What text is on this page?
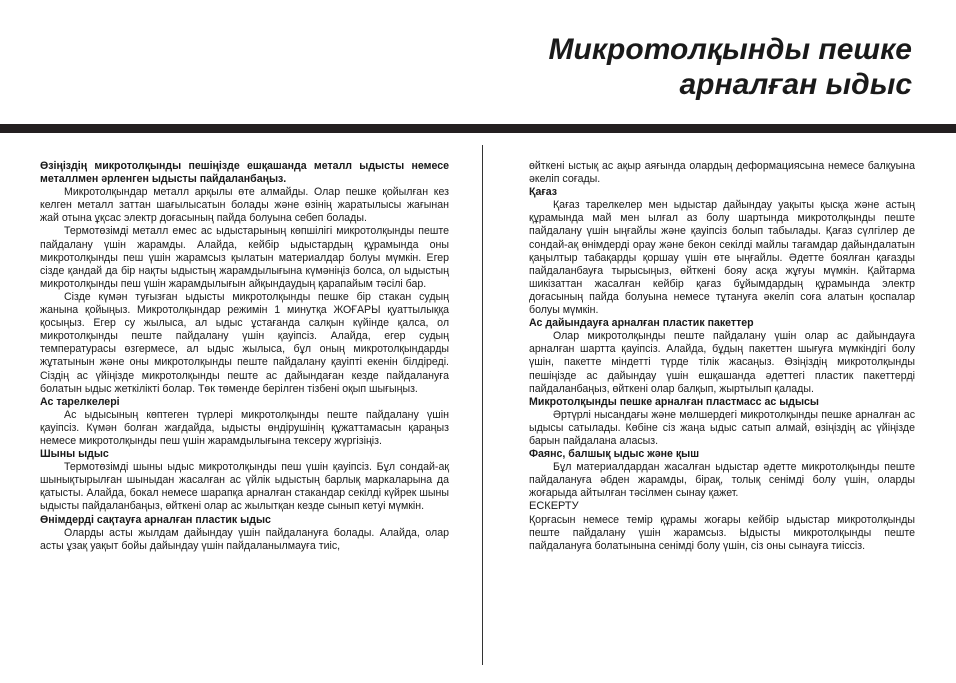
Микротолқынды пешке
арналған ыдыс

Өзіңіздің микротолқынды пешіңізде ешқашанда металл ыдысты немесе металлмен әрленген ыдысты пайдаланбаңыз.

Микротолқындар металл арқылы өте алмайды. Олар пешке қойылған кез келген металл заттан шағылысатын болады және өзінің жаратылысы жағынан жай отына ұқсас электр доғасының пайда болуына себеп болады.

Термотөзімді металл емес ас ыдыстарының көпшілігі микротолқынды пеште пайдалану үшін жарамды. Алайда, кейбір ыдыстардың құрамында оны микротолқынды пеш үшін жарамсыз қылатын материалдар болуы мүмкін. Егер сізде қандай да бір нақты ыдыстың жарамдылығына күмәніңіз болса, ол ыдыстың микротолқынды пеш үшін жарамдылығын айқындаудың қарапайым тәсілі бар.

Сізде күмән туғызған ыдысты микротолқынды пешке бір стакан судың жанына қойыңыз. Микротолқындар режимін 1 минутқа ЖОҒАРЫ қуаттылыққа қосыңыз. Егер су жылыса, ал ыдыс ұстағанда салқын күйінде қалса, ол микротолқынды пеште пайдалану үшін қауіпсіз. Алайда, егер судың температурасы өзгермесе, ал ыдыс жылыса, бұл оның микротолқындарды жұтатынын және оны микротолқынды пеште пайдалану қауіпті екенін білдіреді. Сіздің ас үйіңізде микротолқынды пеште ас дайындаған кезде пайдалануға болатын ыдыс жеткілікті болар. Төк төменде берілген тізбені оқып шығыңыз.

Ас тарелкелері

Ас ыдысының көптеген түрлері микротолқынды пеште пайдалану үшін қауіпсіз. Күмән болған жағдайда, ыдысты өндірушінің құжаттамасын қараңыз немесе микротолқынды пеш үшін жарамдылығына тексеру жүргізіңіз.

Шыны ыдыс

Термотөзімді шыны ыдыс микротолқынды пеш үшін қауіпсіз. Бұл сондай-ақ шынықтырылған шыныдан жасалған ас үйлік ыдыстың барлық маркаларына да қатысты. Алайда, бокал немесе шарапқа арналған стакандар секілді күйрек шыны ыдысты пайдаланбаңыз, өйткені олар ас жылытқан кезде сынып кетуі мүмкін.

Өнімдерді сақтауға арналған пластик ыдыс

Оларды асты жылдам дайындау үшін пайдалануға болады. Алайда, олар асты ұзақ уақыт бойы дайындау үшін пайдаланылмауға тиіс,

өйткені ыстық ас ақыр аяғында олардың деформациясына немесе балқуына әкеліп соғады.

Қағаз

Қағаз тарелкелер мен ыдыстар дайындау уақыты қысқа және астың құрамында май мен ылғал аз болу шартында микротолқынды пеште пайдалану үшін ыңғайлы және қауіпсіз болып табылады. Қағаз сүлгілер де сондай-ақ өнімдерді орау және бекон секілді майлы тағамдар дайындалатын қаңылтыр табақарды қоршау үшін өте ыңғайлы. Әдетте боялған қағазды пайдаланбауға тырысыңыз, өйткені бояу асқа жұғуы мүмкін. Қайтарма шикізаттан жасалған кейбір қағаз бұйымдардың құрамында электр доғасының пайда болуына немесе тұтануға әкеліп соға алатын қоспалар болуы мүмкін.

Ас дайындауға арналған пластик пакеттер

Олар микротолқынды пеште пайдалану үшін олар ас дайындауға арналған шартта қауіпсіз. Алайда, бұдың пакеттен шығуға мүмкіндігі болу үшін, пакетте міндетті түрде тілік жасаңыз. Өзіңіздің микротолқынды пешіңізде ас дайындау үшін ешқашанда әдеттегі пластик пакеттерді пайдаланбаңыз, өйткені олар балқып, жыртылып қалады.

Микротолқынды пешке арналған пластмасс ас ыдысы

Әртүрлі нысандағы және мөлшердегі микротолқынды пешке арналған ас ыдысы сатылады. Көбіне сіз жаңа ыдыс сатып алмай, өзіңіздің ас үйіңізде барын пайдалана аласыз.

Фаянс, балшық ыдыс және қыш

Бұл материалдардан жасалған ыдыстар әдетте микротолқынды пеште пайдалануға әбден жарамды, бірақ, толық сенімді болу үшін, оларды жоғарыда айтылған тәсілмен сынау қажет.

ЕСКЕРТУ

Қорғасын немесе темір құрамы жоғары кейбір ыдыстар микротолқынды пеште пайдалану үшін жарамсыз. Ыдысты микротолқынды пеште пайдалануға болатынына сенімді болу үшін, сіз оны сынауға тиіссіз.
